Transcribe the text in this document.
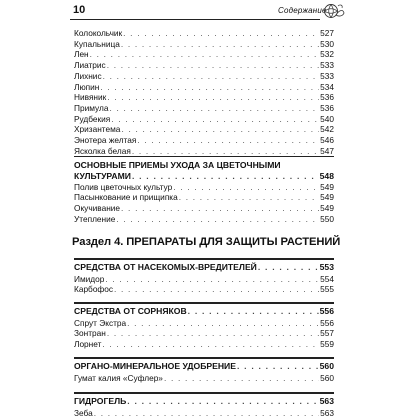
10	Содержание
Колокольчик . . .	527
Купальница . . .	530
Лен . . .	532
Лиатрис . . .	533
Лихнис . . .	533
Люпин . . .	534
Нивяник . . .	536
Примула . . .	536
Рудбекия . . .	540
Хризантема . . .	542
Энотера желтая . . .	546
Ясколка белая . . .	547
ОСНОВНЫЕ ПРИЕМЫ УХОДА ЗА ЦВЕТОЧНЫМИ
КУЛЬТУРАМИ . . .	548
Полив цветочных культур . . .	549
Пасынкование и прищипка . . .	549
Окучивание . . .	549
Утепление . . .	550
Раздел 4. ПРЕПАРАТЫ ДЛЯ ЗАЩИТЫ РАСТЕНИЙ
СРЕДСТВА ОТ НАСЕКОМЫХ-ВРЕДИТЕЛЕЙ . . .	553
Имидор . . .	554
Карбофос . . .	555
СРЕДСТВА ОТ СОРНЯКОВ . . .	556
Спрут Экстра . . .	556
Зонтран . . .	557
Лорнет . . .	559
ОРГАНО-МИНЕРАЛЬНОЕ УДОБРЕНИЕ . . .	560
Гумат калия «Суфлер» . . .	560
ГИДРОГЕЛЬ . . .	563
Зеба . . .	563
